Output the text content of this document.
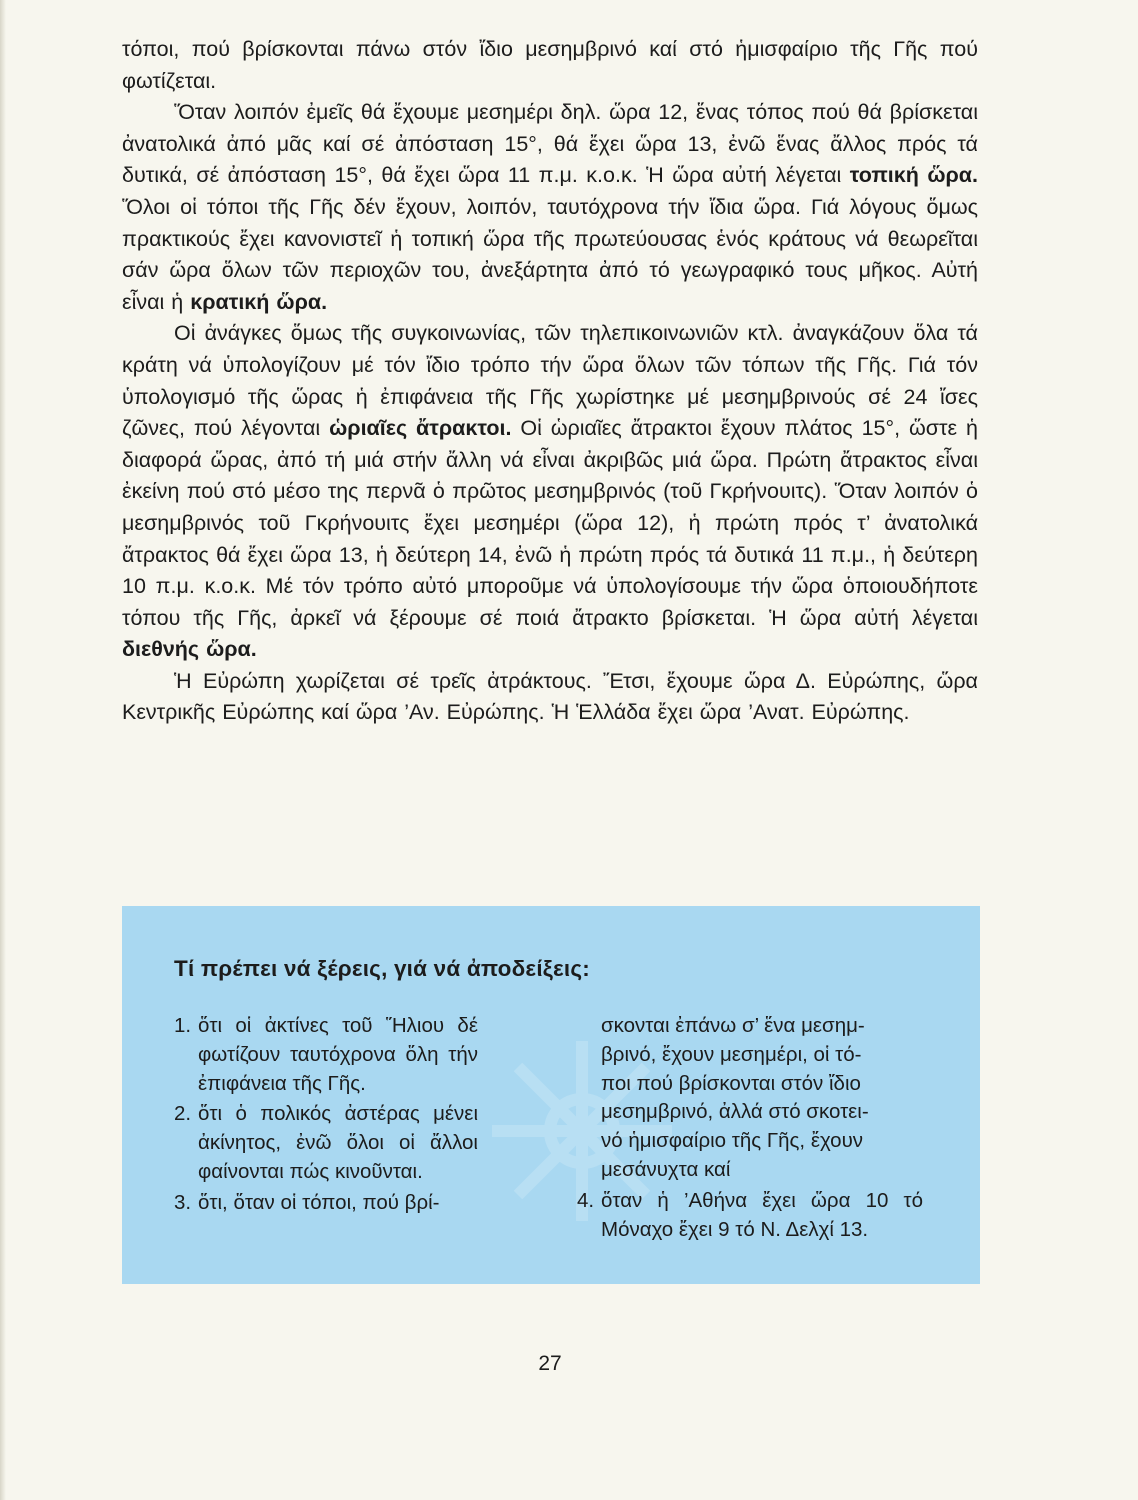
τόποι, πού βρίσκονται πάνω στόν ἴδιο μεσημβρινό καί στό ἡμισφαίριο τῆς Γῆς πού φωτίζεται.

Ὅταν λοιπόν ἐμεῖς θά ἔχουμε μεσημέρι δηλ. ὥρα 12, ἕνας τόπος πού θά βρίσκεται ἀνατολικά ἀπό μᾶς καί σέ ἀπόσταση 15°, θά ἔχει ὥρα 13, ἐνῶ ἕνας ἄλλος πρός τά δυτικά, σέ ἀπόσταση 15°, θά ἔχει ὥρα 11 π.μ. κ.ο.κ. Ἡ ὥρα αὐτή λέγεται τοπική ὥρα. Ὅλοι οἱ τόποι τῆς Γῆς δέν ἔχουν, λοιπόν, ταυτόχρονα τήν ἴδια ὥρα. Γιά λόγους ὅμως πρακτικούς ἔχει κανονιστεῖ ἡ τοπική ὥρα τῆς πρωτεύουσας ἑνός κράτους νά θεωρεῖται σάν ὥρα ὅλων τῶν περιοχῶν του, ἀνεξάρτητα ἀπό τό γεωγραφικό τους μῆκος. Αὐτή εἶναι ἡ κρατική ὥρα.

Οἱ ἀνάγκες ὅμως τῆς συγκοινωνίας, τῶν τηλεπικοινωνιῶν κτλ. ἀναγκάζουν ὅλα τά κράτη νά ὑπολογίζουν μέ τόν ἴδιο τρόπο τήν ὥρα ὅλων τῶν τόπων τῆς Γῆς. Γιά τόν ὑπολογισμό τῆς ὥρας ἡ ἐπιφάνεια τῆς Γῆς χωρίστηκε μέ μεσημβρινούς σέ 24 ἴσες ζῶνες, πού λέγονται ὡριαῖες ἄτρακτοι. Οἱ ὡριαῖες ἄτρακτοι ἔχουν πλάτος 15°, ὥστε ἡ διαφορά ὥρας, ἀπό τή μιά στήν ἄλλη νά εἶναι ἀκριβῶς μιά ὥρα. Πρώτη ἄτρακτος εἶναι ἐκείνη πού στό μέσο της περνᾶ ὁ πρῶτος μεσημβρινός (τοῦ Γκρήνουιτς). Ὅταν λοιπόν ὁ μεσημβρινός τοῦ Γκρήνουιτς ἔχει μεσημέρι (ὥρα 12), ἡ πρώτη πρός τ’ ἀνατολικά ἄτρακτος θά ἔχει ὥρα 13, ἡ δεύτερη 14, ἐνῶ ἡ πρώτη πρός τά δυτικά 11 π.μ., ἡ δεύτερη 10 π.μ. κ.ο.κ. Μέ τόν τρόπο αὐτό μποροῦμε νά ὑπολογίσουμε τήν ὥρα ὁποιουδήποτε τόπου τῆς Γῆς, ἀρκεῖ νά ξέρουμε σέ ποιά ἄτρακτο βρίσκεται. Ἡ ὥρα αὐτή λέγεται διεθνής ὥρα.

Ἡ Εὐρώπη χωρίζεται σέ τρεῖς ἀτράκτους. Ἔτσι, ἔχουμε ὥρα Δ. Εὐρώπης, ὥρα Κεντρικῆς Εὐρώπης καί ὥρα ’Αν. Εὐρώπης. Ἡ Ἑλλάδα ἔχει ὥρα ’Ανατ. Εὐρώπης.

Τί πρέπει νά ξέρεις, γιά νά ἀποδείξεις:
1. ὅτι οἱ ἀκτίνες τοῦ Ἥλιου δέ φωτίζουν ταυτόχρονα ὅλη τήν ἐπιφάνεια τῆς Γῆς.
2. ὅτι ὁ πολικός ἀστέρας μένει ἀκίνητος, ἐνῶ ὅλοι οἱ ἄλλοι φαίνονται πώς κινοῦνται.
3. ὅτι, ὅταν οἱ τόποι, πού βρί-
σκονται ἐπάνω σ’ ἕνα μεσημ-
βρινό, ἔχουν μεσημέρι, οἱ τό-
ποι πού βρίσκονται στόν ἴδιο
μεσημβρινό, ἀλλά στό σκοτει-
νό ἡμισφαίριο τῆς Γῆς, ἔχουν
μεσάνυχτα καί
4. ὅταν ἡ ’Αθήνα ἔχει ὥρα 10 τό Μόναχο ἔχει 9 τό Ν. Δελχί 13.
27
